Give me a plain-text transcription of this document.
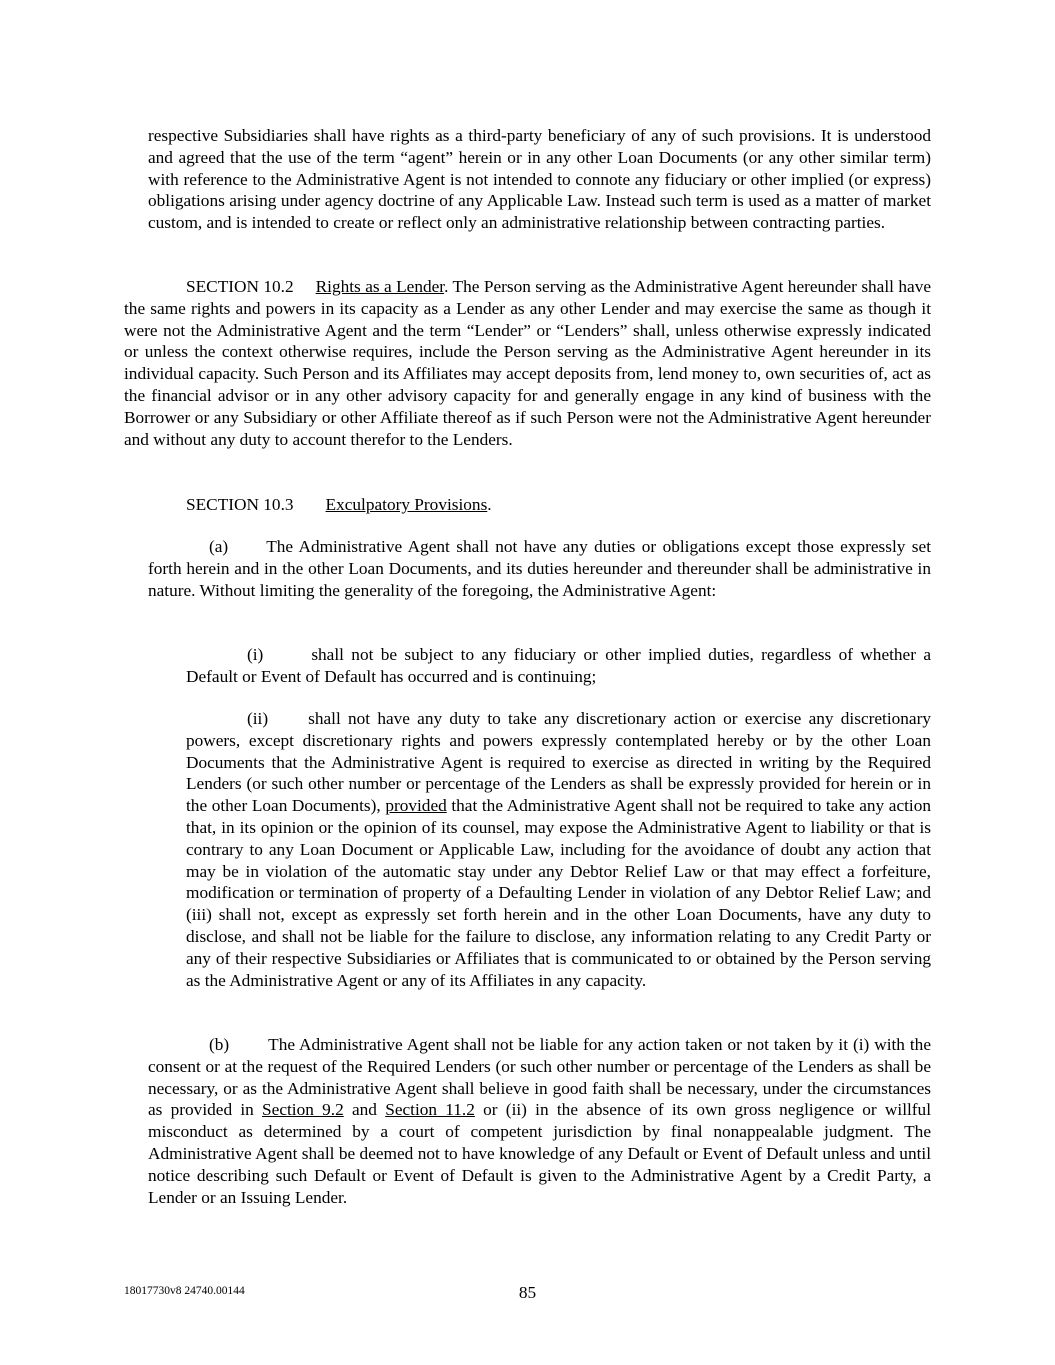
respective Subsidiaries shall have rights as a third-party beneficiary of any of such provisions. It is understood and agreed that the use of the term “agent” herein or in any other Loan Documents (or any other similar term) with reference to the Administrative Agent is not intended to connote any fiduciary or other implied (or express) obligations arising under agency doctrine of any Applicable Law. Instead such term is used as a matter of market custom, and is intended to create or reflect only an administrative relationship between contracting parties.

SECTION 10.2 Rights as a Lender. The Person serving as the Administrative Agent hereunder shall have the same rights and powers in its capacity as a Lender as any other Lender and may exercise the same as though it were not the Administrative Agent and the term “Lender” or “Lenders” shall, unless otherwise expressly indicated or unless the context otherwise requires, include the Person serving as the Administrative Agent hereunder in its individual capacity. Such Person and its Affiliates may accept deposits from, lend money to, own securities of, act as the financial advisor or in any other advisory capacity for and generally engage in any kind of business with the Borrower or any Subsidiary or other Affiliate thereof as if such Person were not the Administrative Agent hereunder and without any duty to account therefor to the Lenders.

SECTION 10.3 Exculpatory Provisions.

(a) The Administrative Agent shall not have any duties or obligations except those expressly set forth herein and in the other Loan Documents, and its duties hereunder and thereunder shall be administrative in nature. Without limiting the generality of the foregoing, the Administrative Agent:

(i)	shall not be subject to any fiduciary or other implied duties, regardless of whether a Default or Event of Default has occurred and is continuing;

(ii) shall not have any duty to take any discretionary action or exercise any discretionary powers, except discretionary rights and powers expressly contemplated hereby or by the other Loan Documents that the Administrative Agent is required to exercise as directed in writing by the Required Lenders (or such other number or percentage of the Lenders as shall be expressly provided for herein or in the other Loan Documents), provided that the Administrative Agent shall not be required to take any action that, in its opinion or the opinion of its counsel, may expose the Administrative Agent to liability or that is contrary to any Loan Document or Applicable Law, including for the avoidance of doubt any action that may be in violation of the automatic stay under any Debtor Relief Law or that may effect a forfeiture, modification or termination of property of a Defaulting Lender in violation of any Debtor Relief Law; and (iii) shall not, except as expressly set forth herein and in the other Loan Documents, have any duty to disclose, and shall not be liable for the failure to disclose, any information relating to any Credit Party or any of their respective Subsidiaries or Affiliates that is communicated to or obtained by the Person serving as the Administrative Agent or any of its Affiliates in any capacity.

(b) The Administrative Agent shall not be liable for any action taken or not taken by it (i) with the consent or at the request of the Required Lenders (or such other number or percentage of the Lenders as shall be necessary, or as the Administrative Agent shall believe in good faith shall be necessary, under the circumstances as provided in Section 9.2 and Section 11.2 or (ii) in the absence of its own gross negligence or willful misconduct as determined by a court of competent jurisdiction by final nonappealable judgment. The Administrative Agent shall be deemed not to have knowledge of any Default or Event of Default unless and until notice describing such Default or Event of Default is given to the Administrative Agent by a Credit Party, a Lender or an Issuing Lender.

18017730v8 24740.00144	85
